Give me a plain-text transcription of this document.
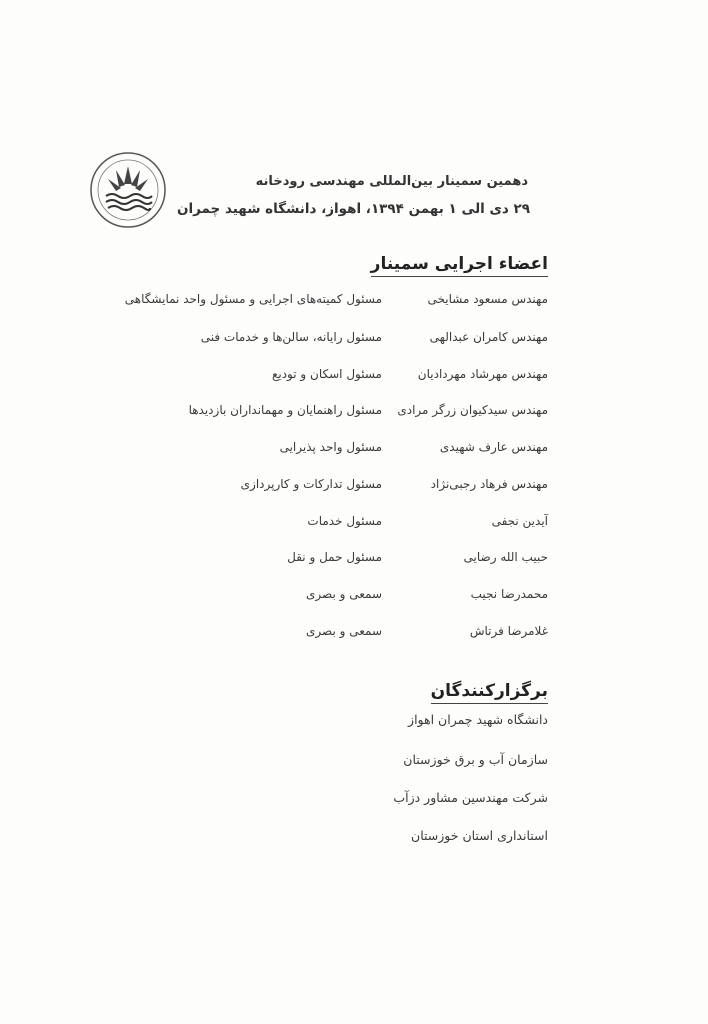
دهمین سمینار بین‌المللی مهندسی رودخانه
۲۹ دی الی ۱ بهمن ۱۳۹۴، اهواز، دانشگاه شهید چمران
اعضاء اجرایی سمینار
مهندس مسعود مشایخی
مسئول کمیته‌های اجرایی و مسئول واحد نمایشگاهی
مهندس کامران عبدالهی
مسئول رایانه، سالن‌ها و خدمات فنی
مهندس مهرشاد مهردادیان
مسئول اسکان و تودیع
مهندس سیدکیوان زرگر مرادی
مسئول راهنمایان و مهمانداران بازدیدها
مهندس عارف شهیدی
مسئول واحد پذیرایی
مهندس فرهاد رجبی‌نژاد
مسئول تدارکات و کارپردازی
آیدین نجفی
مسئول خدمات
حبیب الله رضایی
مسئول حمل و نقل
محمدرضا نجیب
سمعی و بصری
غلامرضا فرتاش
سمعی و بصری
برگزارکنندگان
دانشگاه شهید چمران اهواز
سازمان آب و برق خوزستان
شرکت مهندسین مشاور دزآب
استانداری استان خوزستان
